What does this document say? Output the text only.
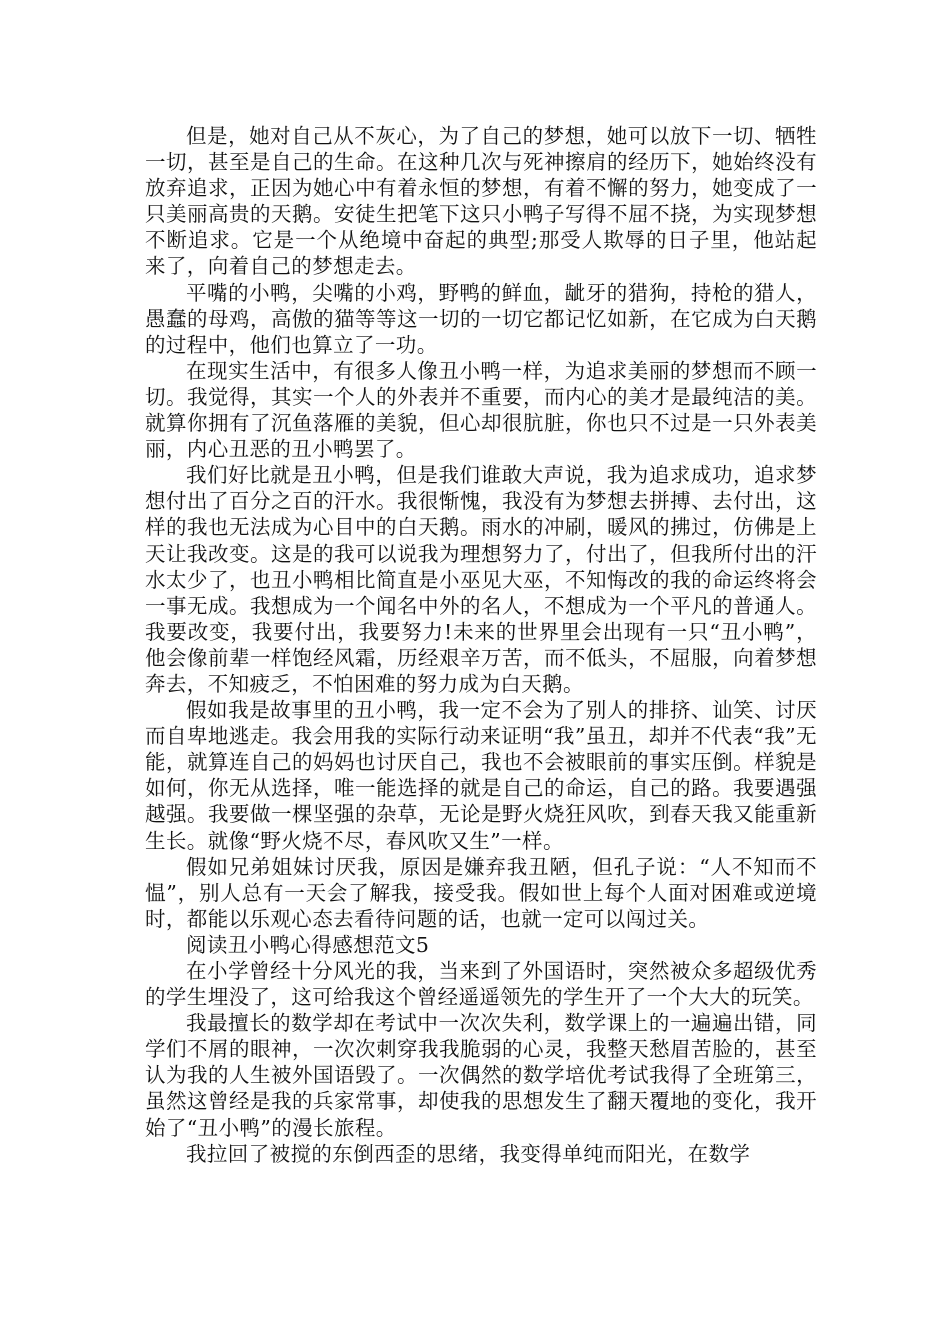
但是，她对自己从不灰心，为了自己的梦想，她可以放下一切、牺牲一切，甚至是自己的生命。在这种几次与死神擦肩的经历下，她始终没有放弃追求，正因为她心中有着永恒的梦想，有着不懈的努力，她变成了一只美丽高贵的天鹅。安徒生把笔下这只小鸭子写得不屈不挠，为实现梦想不断追求。它是一个从绝境中奋起的典型;那受人欺辱的日子里，他站起来了，向着自己的梦想走去。

平嘴的小鸭，尖嘴的小鸡，野鸭的鲜血，龇牙的猎狗，持枪的猎人，愚蠢的母鸡，高傲的猫等等这一切的一切它都记忆如新，在它成为白天鹅的过程中，他们也算立了一功。

在现实生活中，有很多人像丑小鸭一样，为追求美丽的梦想而不顾一切。我觉得，其实一个人的外表并不重要，而内心的美才是最纯洁的美。就算你拥有了沉鱼落雁的美貌，但心却很肮脏，你也只不过是一只外表美丽，内心丑恶的丑小鸭罢了。

我们好比就是丑小鸭，但是我们谁敢大声说，我为追求成功，追求梦想付出了百分之百的汗水。我很惭愧，我没有为梦想去拼搏、去付出，这样的我也无法成为心目中的白天鹅。雨水的冲刷，暖风的拂过，仿佛是上天让我改变。这是的我可以说我为理想努力了，付出了，但我所付出的汗水太少了，也丑小鸭相比简直是小巫见大巫，不知悔改的我的命运终将会一事无成。我想成为一个闻名中外的名人，不想成为一个平凡的普通人。我要改变，我要付出，我要努力!未来的世界里会出现有一只“丑小鸭”，他会像前辈一样饱经风霜，历经艰辛万苦，而不低头，不屈服，向着梦想奔去，不知疲乏，不怕困难的努力成为白天鹅。

假如我是故事里的丑小鸭，我一定不会为了别人的排挤、讪笑、讨厌而自卑地逃走。我会用我的实际行动来证明“我”虽丑，却并不代表“我”无能，就算连自己的妈妈也讨厌自己，我也不会被眼前的事实压倒。样貌是如何，你无从选择，唯一能选择的就是自己的命运，自己的路。我要遇强越强。我要做一棵坚强的杂草，无论是野火烧狂风吹，到春天我又能重新生长。就像“野火烧不尽，春风吹又生”一样。

假如兄弟姐妹讨厌我，原因是嫌弃我丑陋，但孔子说：“人不知而不愠”，别人总有一天会了解我，接受我。假如世上每个人面对困难或逆境时，都能以乐观心态去看待问题的话，也就一定可以闯过关。

阅读丑小鸭心得感想范文5

在小学曾经十分风光的我，当来到了外国语时，突然被众多超级优秀的学生埋没了，这可给我这个曾经遥遥领先的学生开了一个大大的玩笑。

我最擅长的数学却在考试中一次次失利，数学课上的一遍遍出错，同学们不屑的眼神，一次次刺穿我我脆弱的心灵，我整天愁眉苦脸的，甚至认为我的人生被外国语毁了。一次偶然的数学培优考试我得了全班第三，虽然这曾经是我的兵家常事，却使我的思想发生了翻天覆地的变化，我开始了“丑小鸭”的漫长旅程。

我拉回了被搅的东倒西歪的思绪，我变得单纯而阳光，在数学
